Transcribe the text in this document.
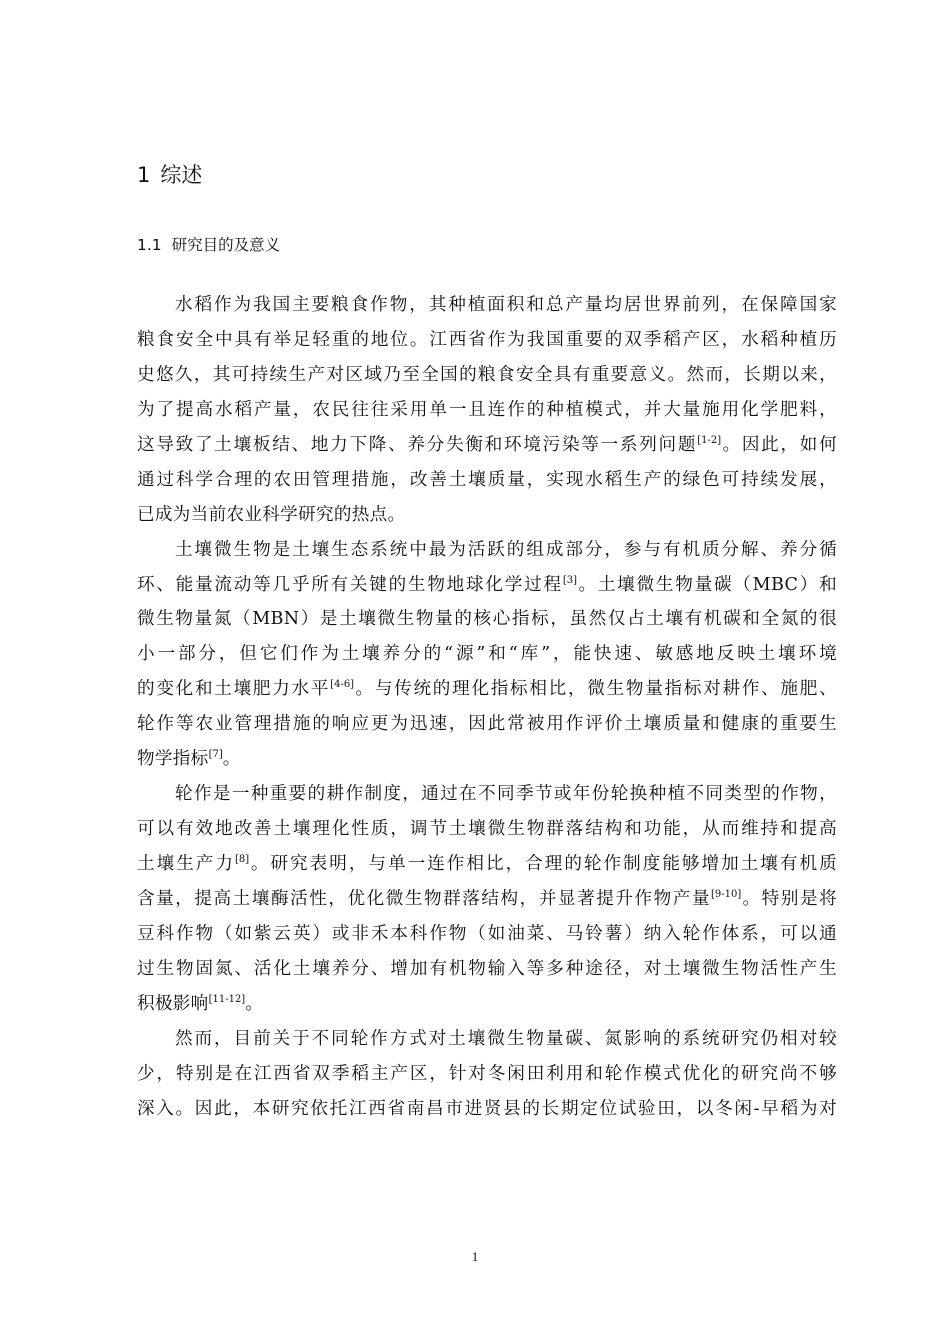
1 综述
1.1 研究目的及意义
水稻作为我国主要粮食作物，其种植面积和总产量均居世界前列，在保障国家
粮食安全中具有举足轻重的地位。江西省作为我国重要的双季稻产区，水稻种植历
史悠久，其可持续生产对区域乃至全国的粮食安全具有重要意义。然而，长期以来，
为了提高水稻产量，农民往往采用单一且连作的种植模式，并大量施用化学肥料，
这导致了土壤板结、地力下降、养分失衡和环境污染等一系列问题[1-2]。因此，如何
通过科学合理的农田管理措施，改善土壤质量，实现水稻生产的绿色可持续发展，
已成为当前农业科学研究的热点。
土壤微生物是土壤生态系统中最为活跃的组成部分，参与有机质分解、养分循
环、能量流动等几乎所有关键的生物地球化学过程[3]。土壤微生物量碳（MBC）和
微生物量氮（MBN）是土壤微生物量的核心指标，虽然仅占土壤有机碳和全氮的很
小一部分，但它们作为土壤养分的“源”和“库”，能快速、敏感地反映土壤环境
的变化和土壤肥力水平[4-6]。与传统的理化指标相比，微生物量指标对耕作、施肥、
轮作等农业管理措施的响应更为迅速，因此常被用作评价土壤质量和健康的重要生
物学指标[7]。
轮作是一种重要的耕作制度，通过在不同季节或年份轮换种植不同类型的作物，
可以有效地改善土壤理化性质，调节土壤微生物群落结构和功能，从而维持和提高
土壤生产力[8]。研究表明，与单一连作相比，合理的轮作制度能够增加土壤有机质
含量，提高土壤酶活性，优化微生物群落结构，并显著提升作物产量[9-10]。特别是将
豆科作物（如紫云英）或非禾本科作物（如油菜、马铃薯）纳入轮作体系，可以通
过生物固氮、活化土壤养分、增加有机物输入等多种途径，对土壤微生物活性产生
积极影响[11-12]。
然而，目前关于不同轮作方式对土壤微生物量碳、氮影响的系统研究仍相对较
少，特别是在江西省双季稻主产区，针对冬闲田利用和轮作模式优化的研究尚不够
深入。因此，本研究依托江西省南昌市进贤县的长期定位试验田，以冬闲-早稻为对
1
